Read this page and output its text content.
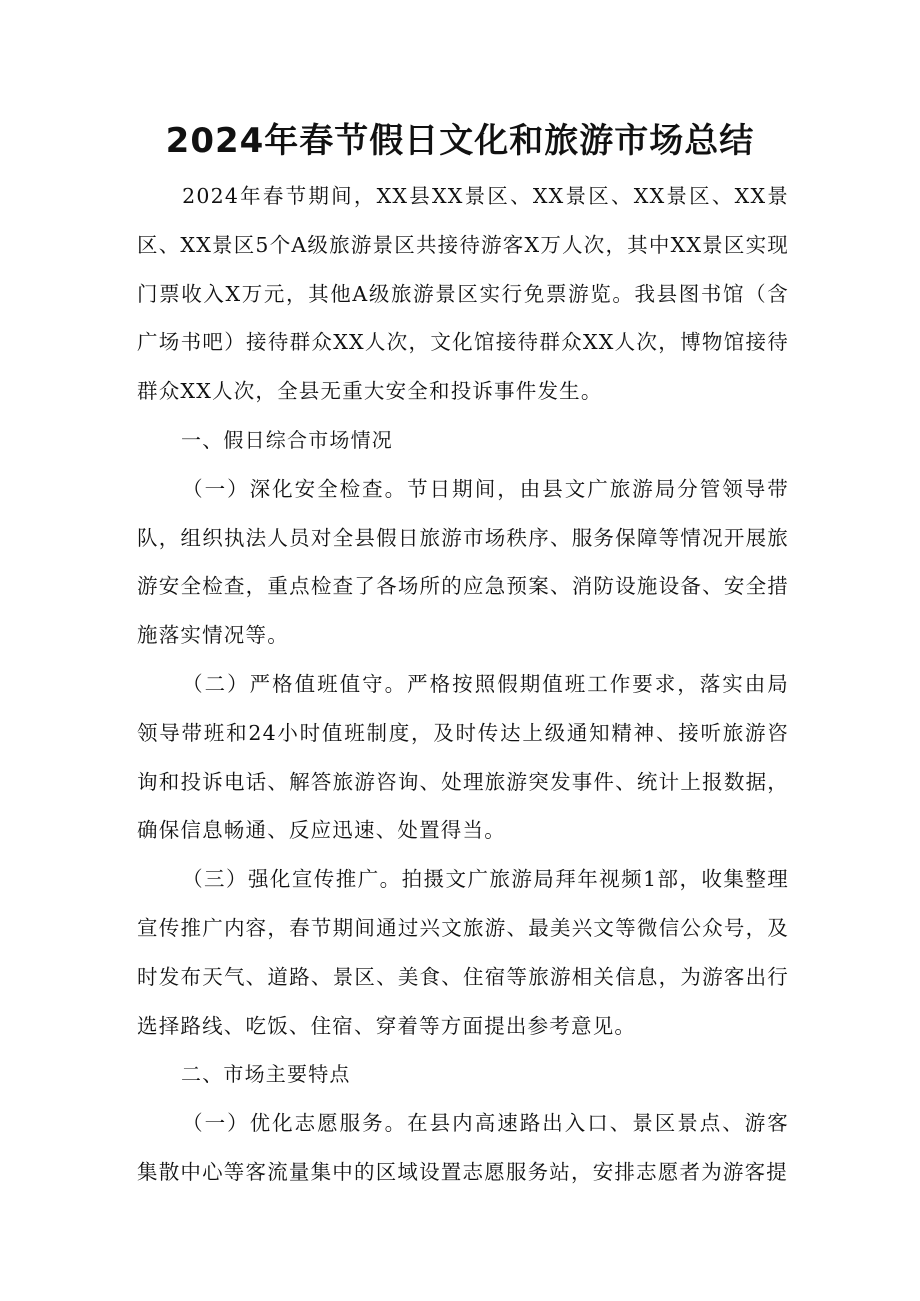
2024年春节假日文化和旅游市场总结

2024年春节期间，XX县XX景区、XX景区、XX景区、XX景区、XX景区5个A级旅游景区共接待游客X万人次，其中XX景区实现门票收入X万元，其他A级旅游景区实行免票游览。我县图书馆（含广场书吧）接待群众XX人次，文化馆接待群众XX人次，博物馆接待群众XX人次，全县无重大安全和投诉事件发生。

一、假日综合市场情况

（一）深化安全检查。节日期间，由县文广旅游局分管领导带队，组织执法人员对全县假日旅游市场秩序、服务保障等情况开展旅游安全检查，重点检查了各场所的应急预案、消防设施设备、安全措施落实情况等。

（二）严格值班值守。严格按照假期值班工作要求，落实由局领导带班和24小时值班制度，及时传达上级通知精神、接听旅游咨询和投诉电话、解答旅游咨询、处理旅游突发事件、统计上报数据，确保信息畅通、反应迅速、处置得当。

（三）强化宣传推广。拍摄文广旅游局拜年视频1部，收集整理宣传推广内容，春节期间通过兴文旅游、最美兴文等微信公众号，及时发布天气、道路、景区、美食、住宿等旅游相关信息，为游客出行选择路线、吃饭、住宿、穿着等方面提出参考意见。

二、市场主要特点

（一）优化志愿服务。在县内高速路出入口、景区景点、游客集散中心等客流量集中的区域设置志愿服务站，安排志愿者为游客提
